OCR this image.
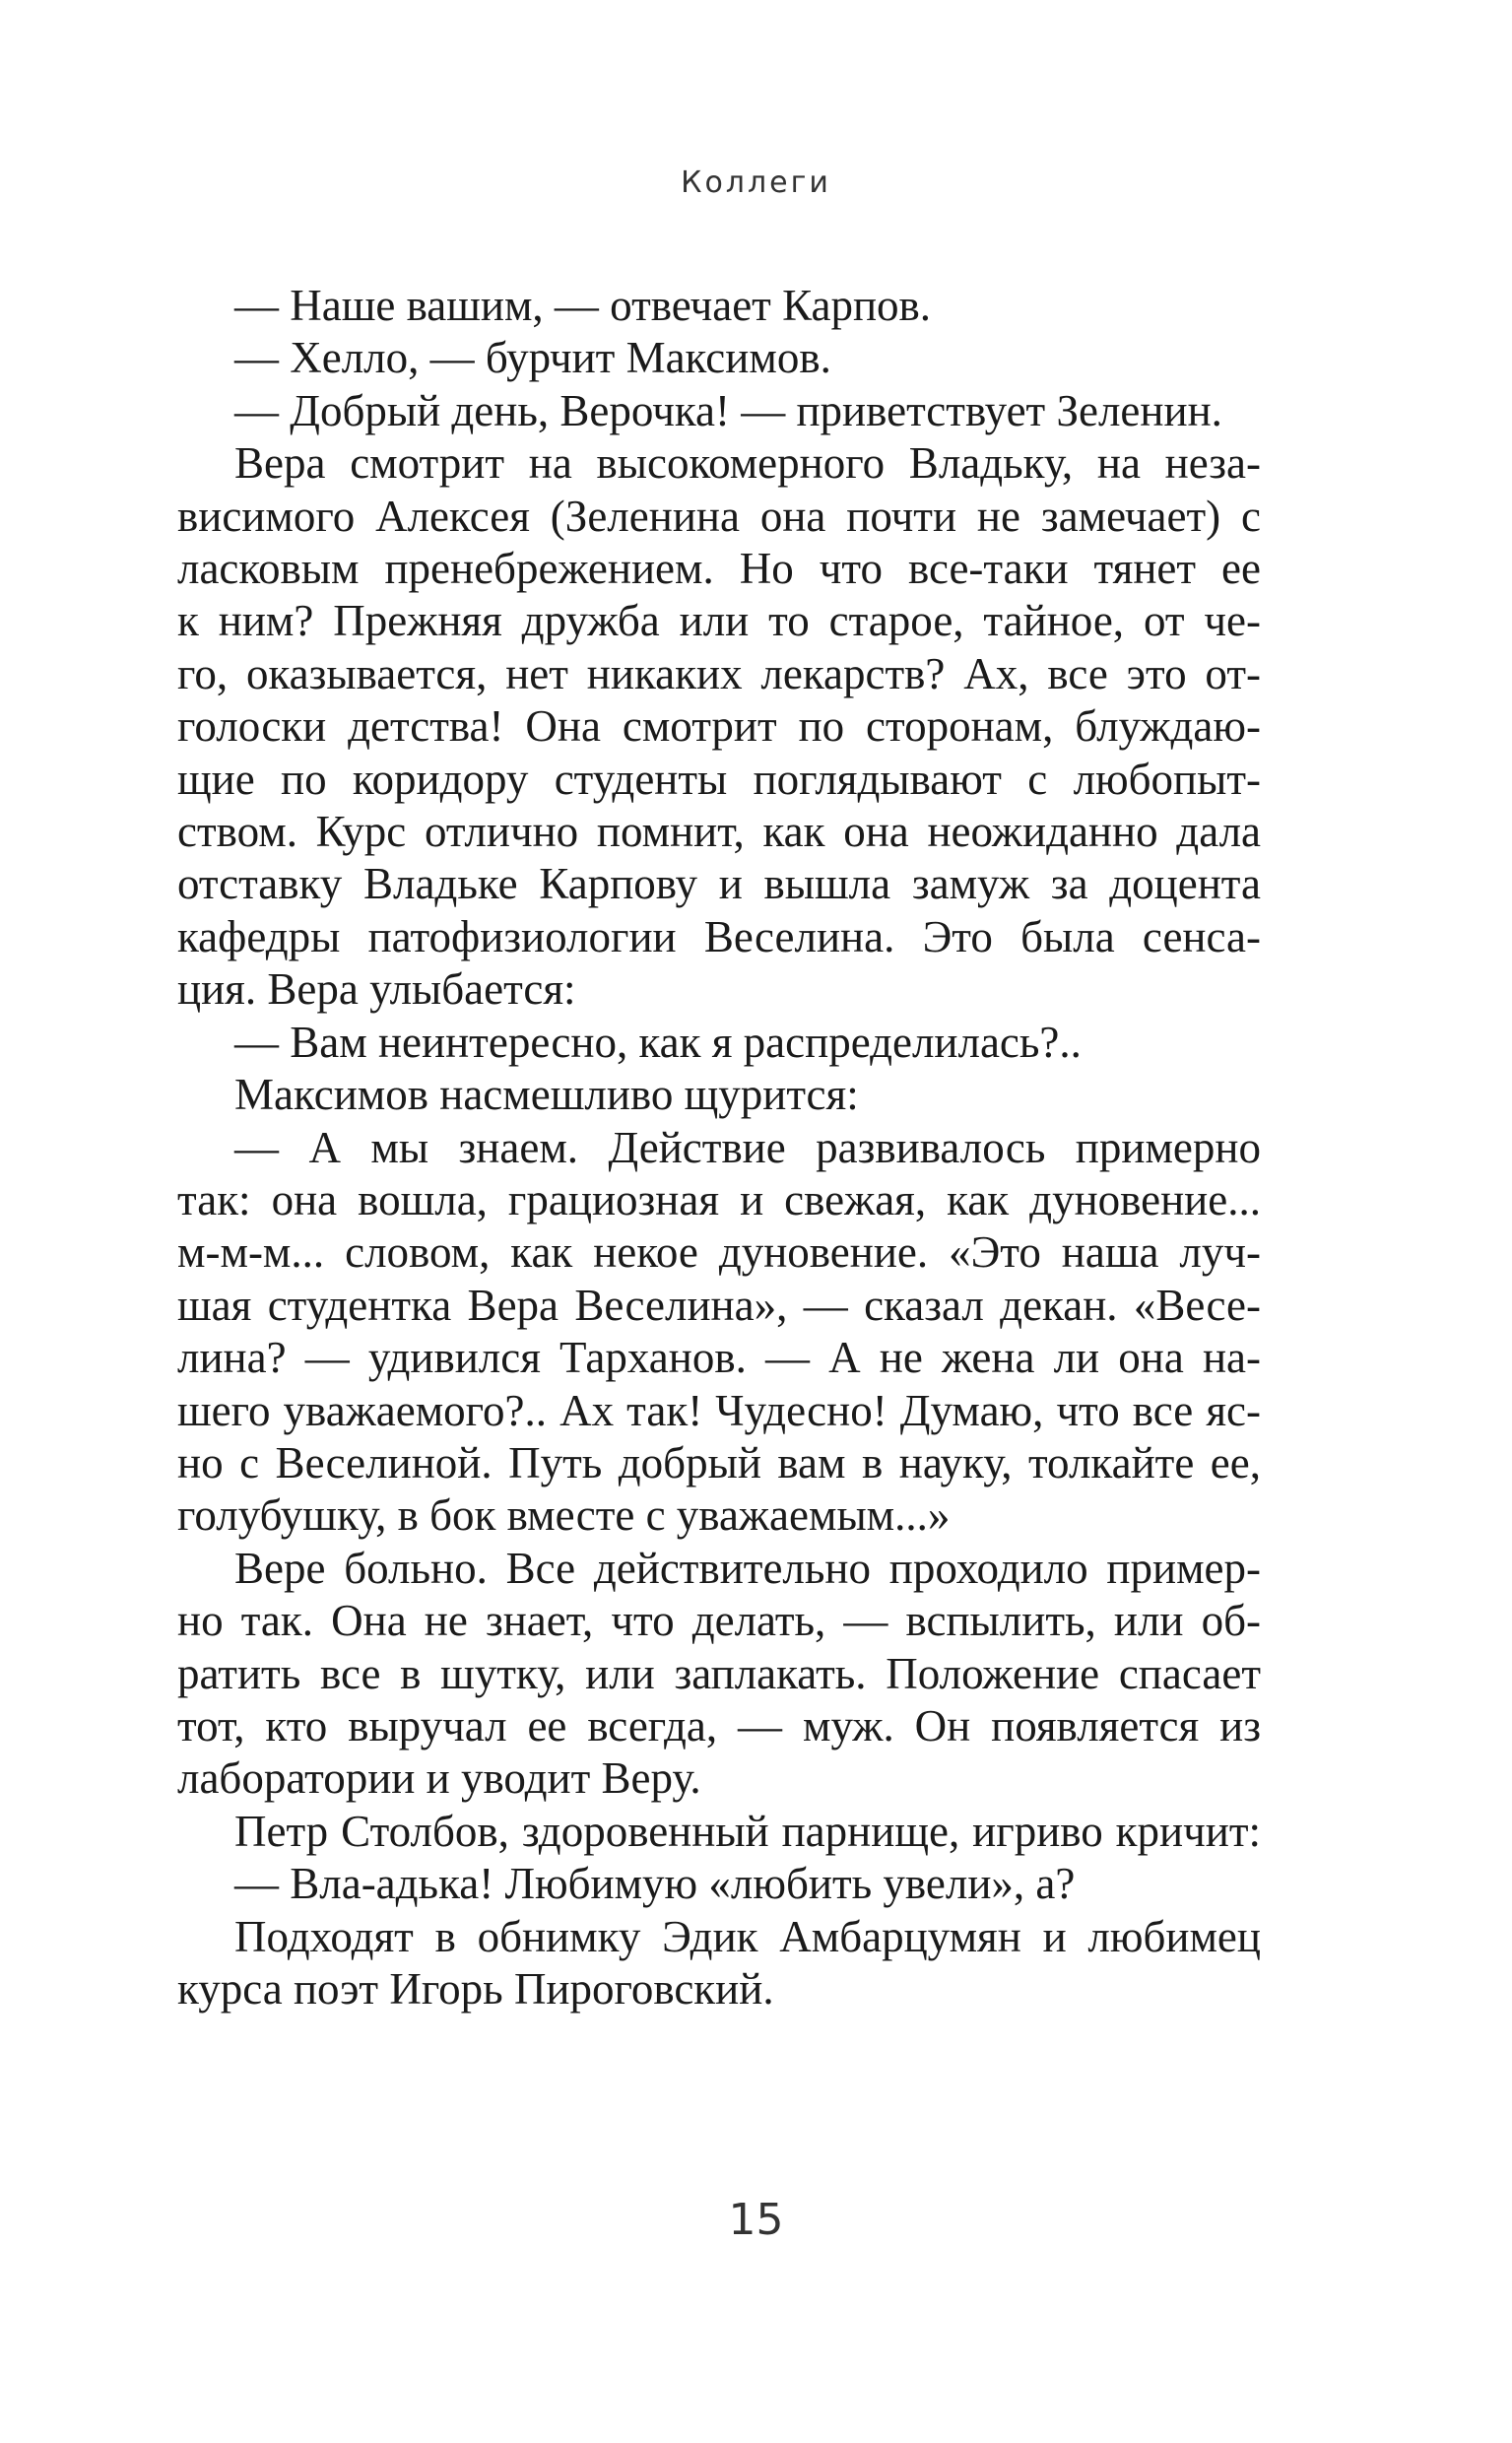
Коллеги
— Наше вашим, — отвечает Карпов.
— Хелло, — бурчит Максимов.
— Добрый день, Верочка! — приветствует Зеленин.
Вера смотрит на высокомерного Владьку, на неза-
висимого Алексея (Зеленина она почти не замечает) с
ласковым пренебрежением. Но что все-таки тянет ее
к ним? Прежняя дружба или то старое, тайное, от че-
го, оказывается, нет никаких лекарств? Ах, все это от-
голоски детства! Она смотрит по сторонам, блуждаю-
щие по коридору студенты поглядывают с любопыт-
ством. Курс отлично помнит, как она неожиданно дала
отставку Владьке Карпову и вышла замуж за доцента
кафедры патофизиологии Веселина. Это была сенса-
ция. Вера улыбается:
— Вам неинтересно, как я распределилась?..
Максимов насмешливо щурится:
— А мы знаем. Действие развивалось примерно
так: она вошла, грациозная и свежая, как дуновение...
м-м-м... словом, как некое дуновение. «Это наша луч-
шая студентка Вера Веселина», — сказал декан. «Весе-
лина? — удивился Тарханов. — А не жена ли она на-
шего уважаемого?.. Ах так! Чудесно! Думаю, что все яс-
но с Веселиной. Путь добрый вам в науку, толкайте ее,
голубушку, в бок вместе с уважаемым...»
Вере больно. Все действительно проходило пример-
но так. Она не знает, что делать, — вспылить, или об-
ратить все в шутку, или заплакать. Положение спасает
тот, кто выручал ее всегда, — муж. Он появляется из
лаборатории и уводит Веру.
Петр Столбов, здоровенный парнище, игриво кричит:
— Вла-адька! Любимую «любить увели», а?
Подходят в обнимку Эдик Амбарцумян и любимец
курса поэт Игорь Пироговский.
15
